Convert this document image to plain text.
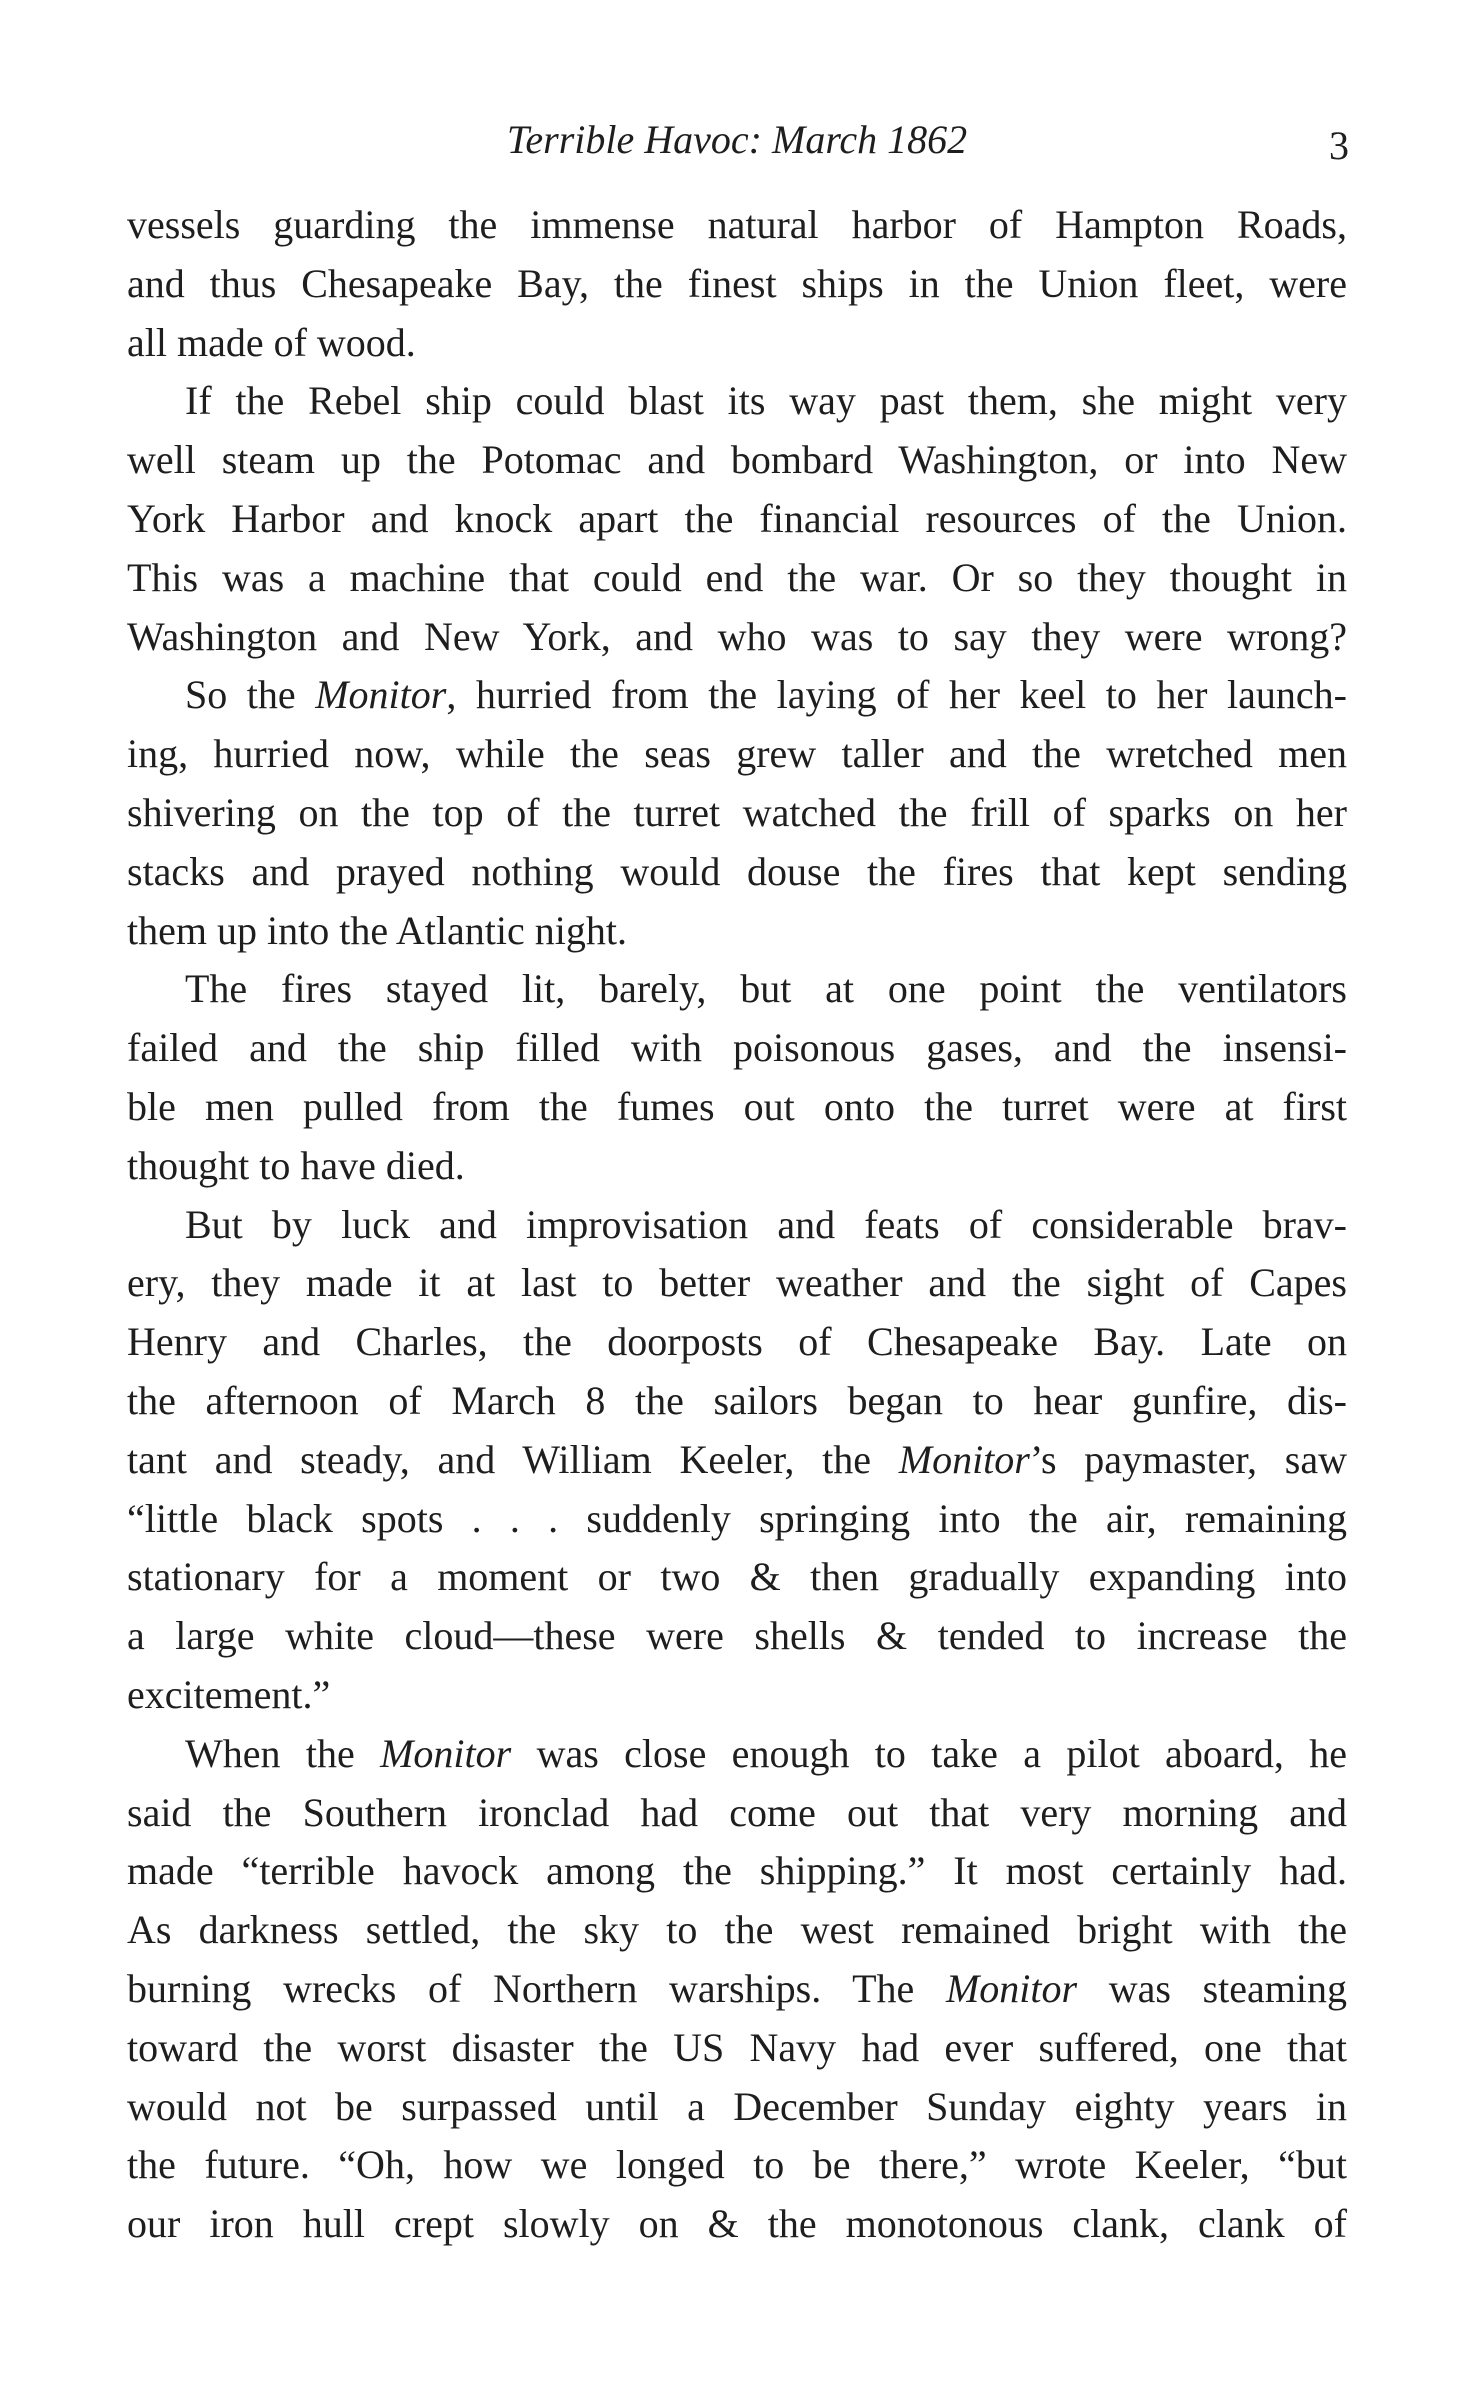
Terrible Havoc: March 1862	3
vessels guarding the immense natural harbor of Hampton Roads,
and thus Chesapeake Bay, the finest ships in the Union fleet, were
all made of wood.
If the Rebel ship could blast its way past them, she might very
well steam up the Potomac and bombard Washington, or into New
York Harbor and knock apart the financial resources of the Union.
This was a machine that could end the war. Or so they thought in
Washington and New York, and who was to say they were wrong?
So the Monitor, hurried from the laying of her keel to her launch-
ing, hurried now, while the seas grew taller and the wretched men
shivering on the top of the turret watched the frill of sparks on her
stacks and prayed nothing would douse the fires that kept sending
them up into the Atlantic night.
The fires stayed lit, barely, but at one point the ventilators
failed and the ship filled with poisonous gases, and the insensi-
ble men pulled from the fumes out onto the turret were at first
thought to have died.
But by luck and improvisation and feats of considerable brav-
ery, they made it at last to better weather and the sight of Capes
Henry and Charles, the doorposts of Chesapeake Bay. Late on
the afternoon of March 8 the sailors began to hear gunfire, dis-
tant and steady, and William Keeler, the Monitor’s paymaster, saw
“little black spots . . . suddenly springing into the air, remaining
stationary for a moment or two & then gradually expanding into
a large white cloud—these were shells & tended to increase the
excitement.”
When the Monitor was close enough to take a pilot aboard, he
said the Southern ironclad had come out that very morning and
made “terrible havock among the shipping.” It most certainly had.
As darkness settled, the sky to the west remained bright with the
burning wrecks of Northern warships. The Monitor was steaming
toward the worst disaster the US Navy had ever suffered, one that
would not be surpassed until a December Sunday eighty years in
the future. “Oh, how we longed to be there,” wrote Keeler, “but
our iron hull crept slowly on & the monotonous clank, clank of
